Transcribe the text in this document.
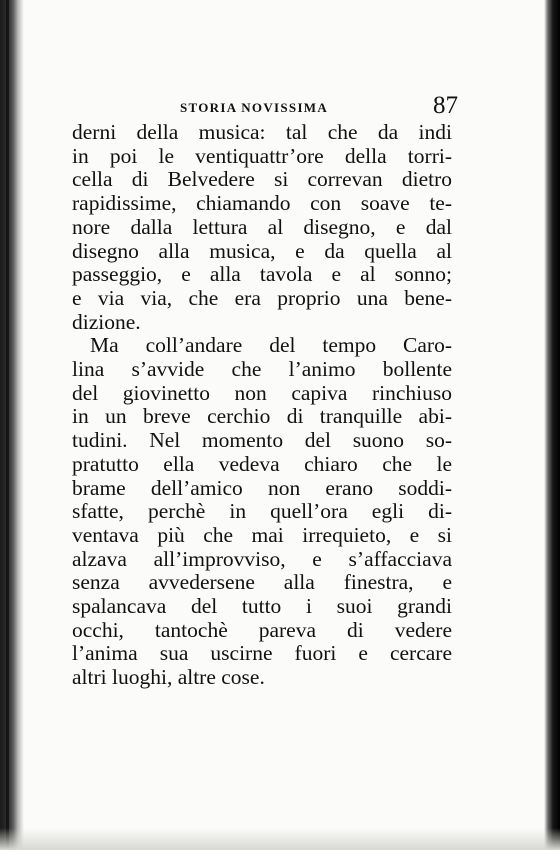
STORIA NOVISSIMA	87
derni della musica: tal che da indi
in poi le ventiquattr’ore della torri-
cella di Belvedere si correvan dietro
rapidissime, chiamando con soave te-
nore dalla lettura al disegno, e dal
disegno alla musica, e da quella al
passeggio, e alla tavola e al sonno;
e via via, che era proprio una bene-
dizione.
Ma coll’andare del tempo Caro-
lina s’avvide che l’animo bollente
del giovinetto non capiva rinchiuso
in un breve cerchio di tranquille abi-
tudini. Nel momento del suono so-
pratutto ella vedeva chiaro che le
brame dell’amico non erano soddi-
sfatte, perchè in quell’ora egli di-
ventava più che mai irrequieto, e si
alzava all’improvviso, e s’affacciava
senza avvedersene alla finestra, e
spalancava del tutto i suoi grandi
occhi, tantochè pareva di vedere
l’anima sua uscirne fuori e cercare
altri luoghi, altre cose.
